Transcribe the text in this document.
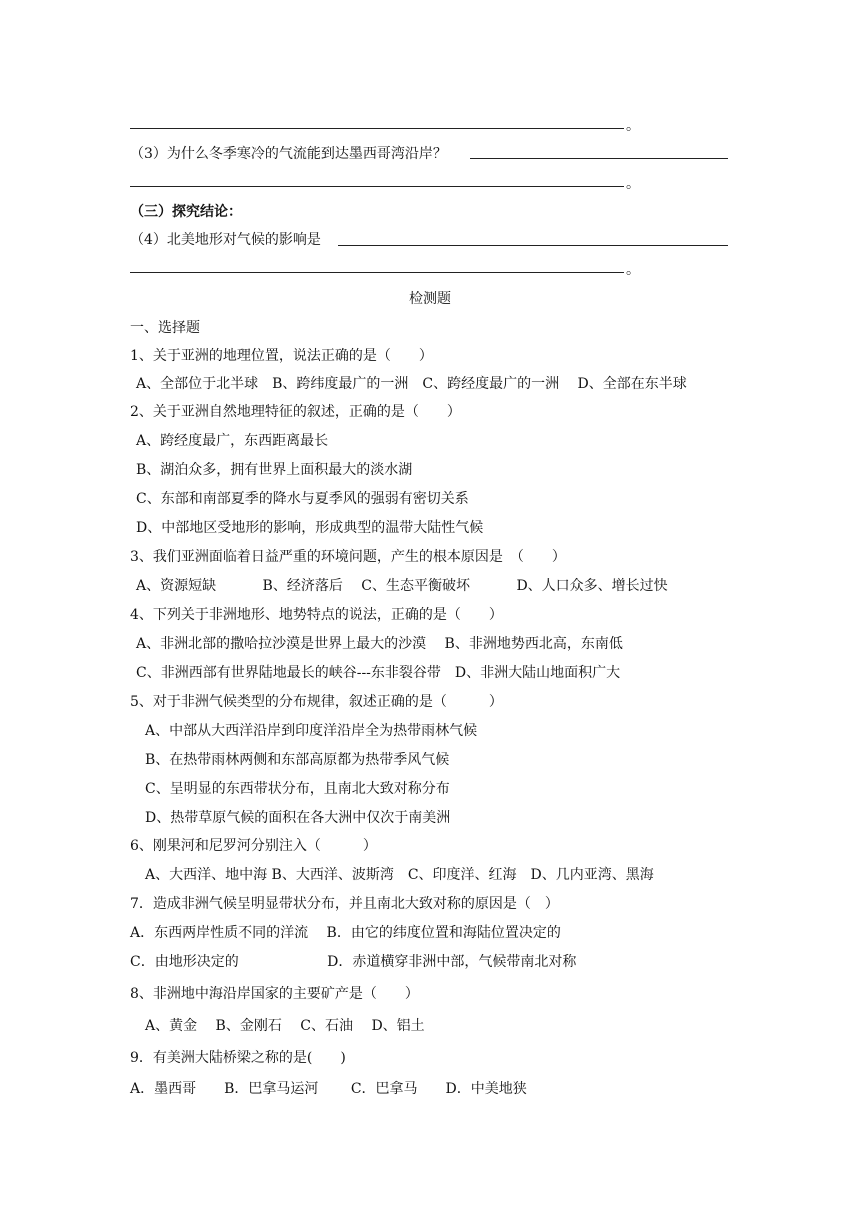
。
（3）为什么冬季寒冷的气流能到达墨西哥湾沿岸？
。
（三）探究结论：
（4）北美地形对气候的影响是
。
检测题
一、选择题
1、关于亚洲的地理位置，说法正确的是（　　）
A、全部位于北半球　B、跨纬度最广的一洲　C、跨经度最广的一洲　 D、全部在东半球
2、关于亚洲自然地理特征的叙述，正确的是（　　）
A、跨经度最广，东西距离最长
B、湖泊众多，拥有世界上面积最大的淡水湖
C、东部和南部夏季的降水与夏季风的强弱有密切关系
D、中部地区受地形的影响，形成典型的温带大陆性气候
3、我们亚洲面临着日益严重的环境问题，产生的根本原因是　（　　）
A、资源短缺　　　 B、经济落后　 C、生态平衡破坏　　　 D、人口众多、增长过快
4、下列关于非洲地形、地势特点的说法，正确的是（　　）
A、非洲北部的撒哈拉沙漠是世界上最大的沙漠　 B、非洲地势西北高，东南低
C、非洲西部有世界陆地最长的峡谷---东非裂谷带　D、非洲大陆山地面积广大
5、对于非洲气候类型的分布规律，叙述正确的是（　　　）
A、中部从大西洋沿岸到印度洋沿岸全为热带雨林气候
B、在热带雨林两侧和东部高原都为热带季风气候
C、呈明显的东西带状分布，且南北大致对称分布
D、热带草原气候的面积在各大洲中仅次于南美洲
6、刚果河和尼罗河分别注入（　　　）
A、大西洋、地中海 B、大西洋、波斯湾　C、印度洋、红海　D、几内亚湾、黑海
7．造成非洲气候呈明显带状分布，并且南北大致对称的原因是（　）
A．东西两岸性质不同的洋流　 B．由它的纬度位置和海陆位置决定的
C．由地形决定的　　　　　　 D．赤道横穿非洲中部，气候带南北对称
8、非洲地中海沿岸国家的主要矿产是（　　）
A、黄金　 B、金刚石　 C、石油　 D、铝土
9．有美洲大陆桥梁之称的是(　　)
A．墨西哥　　B．巴拿马运河　　 C．巴拿马　　D．中美地狭
